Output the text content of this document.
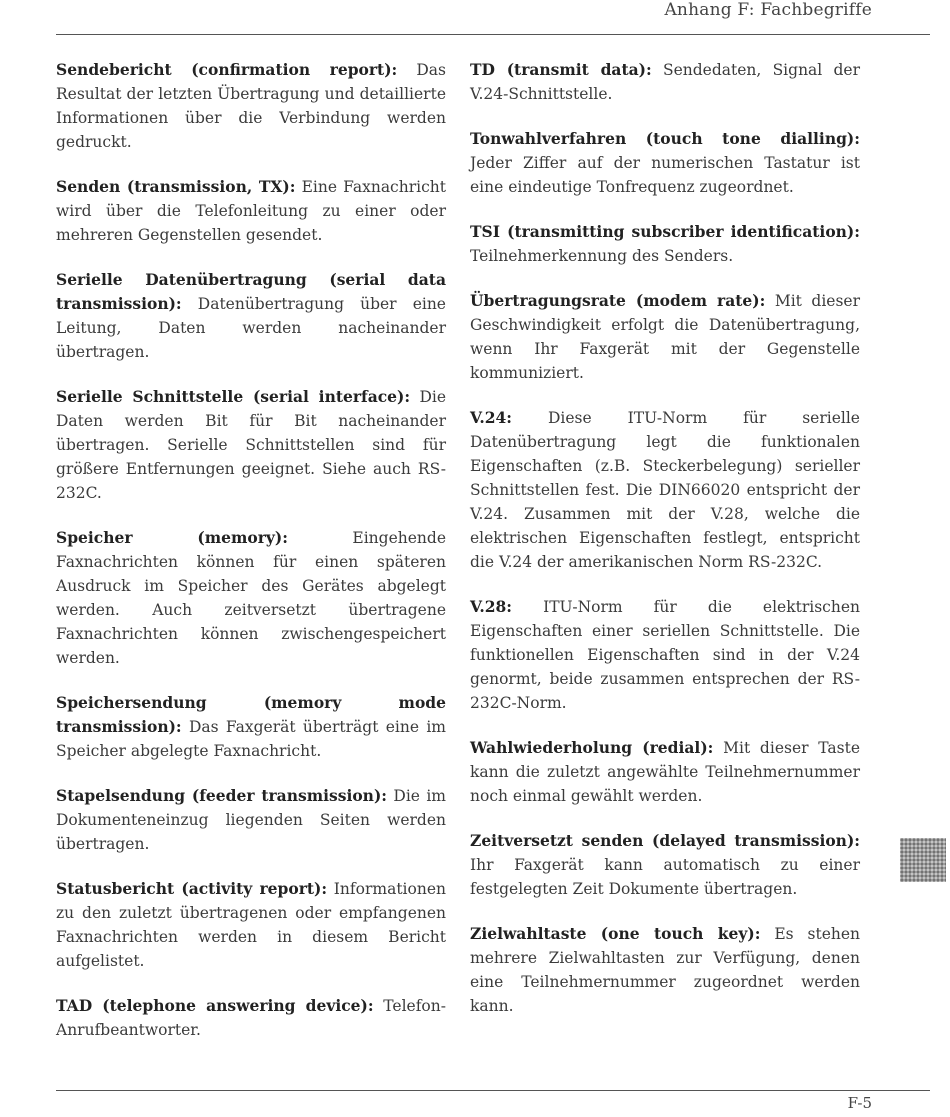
Anhang F: Fachbegriffe

Sendebericht (confirmation report): Das Resultat der letzten Übertragung und detaillierte Informationen über die Verbindung werden gedruckt.

Senden (transmission, TX): Eine Faxnachricht wird über die Telefonleitung zu einer oder mehreren Gegenstellen gesendet.

Serielle Datenübertragung (serial data transmission): Datenübertragung über eine Leitung, Daten werden nacheinander übertragen.

Serielle Schnittstelle (serial interface): Die Daten werden Bit für Bit nacheinander übertragen. Serielle Schnittstellen sind für größere Entfernungen geeignet. Siehe auch RS-232C.

Speicher (memory): Eingehende Faxnachrichten können für einen späteren Ausdruck im Speicher des Gerätes abgelegt werden. Auch zeitversetzt übertragene Faxnachrichten können zwischengespeichert werden.

Speichersendung (memory mode transmission): Das Faxgerät überträgt eine im Speicher abgelegte Faxnachricht.

Stapelsendung (feeder transmission): Die im Dokumenteneinzug liegenden Seiten werden übertragen.

Statusbericht (activity report): Informationen zu den zuletzt übertragenen oder empfangenen Faxnachrichten werden in diesem Bericht aufgelistet.

TAD (telephone answering device): Telefon-Anrufbeantworter.

TD (transmit data): Sendedaten, Signal der V.24-Schnittstelle.

Tonwahlverfahren (touch tone dialling): Jeder Ziffer auf der numerischen Tastatur ist eine eindeutige Tonfrequenz zugeordnet.

TSI (transmitting subscriber identification): Teilnehmerkennung des Senders.

Übertragungsrate (modem rate): Mit dieser Geschwindigkeit erfolgt die Datenübertragung, wenn Ihr Faxgerät mit der Gegenstelle kommuniziert.

V.24: Diese ITU-Norm für serielle Datenübertragung legt die funktionalen Eigenschaften (z.B. Steckerbelegung) serieller Schnittstellen fest. Die DIN66020 entspricht der V.24. Zusammen mit der V.28, welche die elektrischen Eigenschaften festlegt, entspricht die V.24 der amerikanischen Norm RS-232C.

V.28: ITU-Norm für die elektrischen Eigenschaften einer seriellen Schnittstelle. Die funktionellen Eigenschaften sind in der V.24 genormt, beide zusammen entsprechen der RS-232C-Norm.

Wahlwiederholung (redial): Mit dieser Taste kann die zuletzt angewählte Teilnehmernummer noch einmal gewählt werden.

Zeitversetzt senden (delayed transmission): Ihr Faxgerät kann automatisch zu einer festgelegten Zeit Dokumente übertragen.

Zielwahltaste (one touch key): Es stehen mehrere Zielwahltasten zur Verfügung, denen eine Teilnehmernummer zugeordnet werden kann.

F-5
